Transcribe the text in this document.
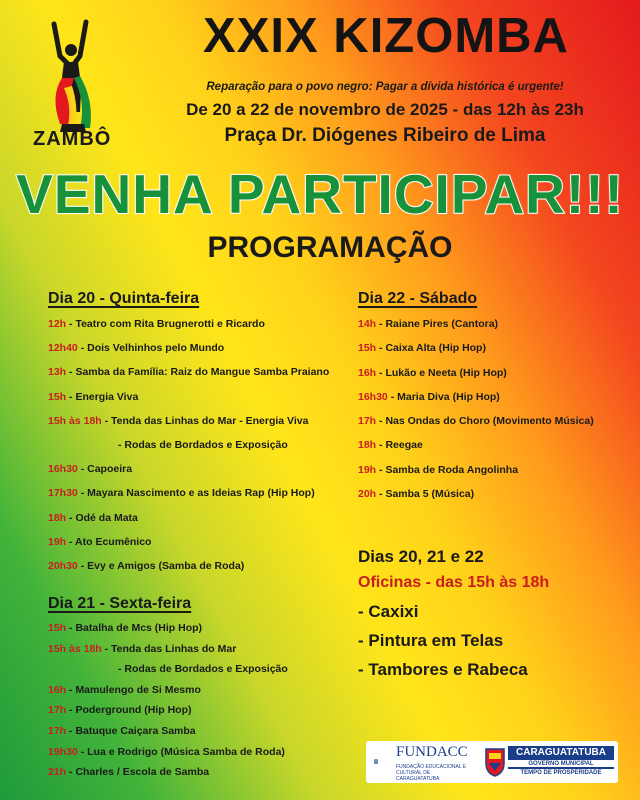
ZAMBÔ
XXIX KIZOMBA
Reparação para o povo negro: Pagar a dívida histórica é urgente!
De 20 a 22 de novembro de 2025 - das 12h às 23h
Praça Dr. Diógenes Ribeiro de Lima
VENHA PARTICIPAR!!!
PROGRAMAÇÃO
Dia 20 - Quinta-feira
12h - Teatro com Rita Brugnerotti e Ricardo
12h40 - Dois Velhinhos pelo Mundo
13h - Samba da Família: Raiz do Mangue Samba Praiano
15h - Energia Viva
15h às 18h - Tenda das Linhas do Mar - Energia Viva
- Rodas de Bordados e Exposição
16h30 - Capoeira
17h30 - Mayara Nascimento e as Ideias Rap (Hip Hop)
18h - Odé da Mata
19h - Ato Ecumênico
20h30 - Evy e Amigos (Samba de Roda)
Dia 21 - Sexta-feira
15h - Batalha de Mcs (Hip Hop)
15h às 18h - Tenda das Linhas do Mar
- Rodas de Bordados e Exposição
16h - Mamulengo de Si Mesmo
17h - Poderground (Hip Hop)
17h - Batuque Caiçara Samba
19h30 - Lua e Rodrigo (Música Samba de Roda)
21h - Charles / Escola de Samba
Dia 22 - Sábado
14h - Raiane Pires (Cantora)
15h - Caixa Alta (Hip Hop)
16h - Lukão e Neeta (Hip Hop)
16h30 - Maria Diva (Hip Hop)
17h - Nas Ondas do Choro (Movimento Música)
18h - Reegae
19h - Samba de Roda Angolinha
20h - Samba 5 (Música)
Dias 20, 21 e 22
Oficinas - das 15h às 18h
- Caxixi
- Pintura em Telas
- Tambores e Rabeca
FUNDACC
FUNDAÇÃO EDUCACIONAL E CULTURAL DE CARAGUATATUBA
CARAGUATATUBA
GOVERNO MUNICIPAL
TEMPO DE PROSPERIDADE
